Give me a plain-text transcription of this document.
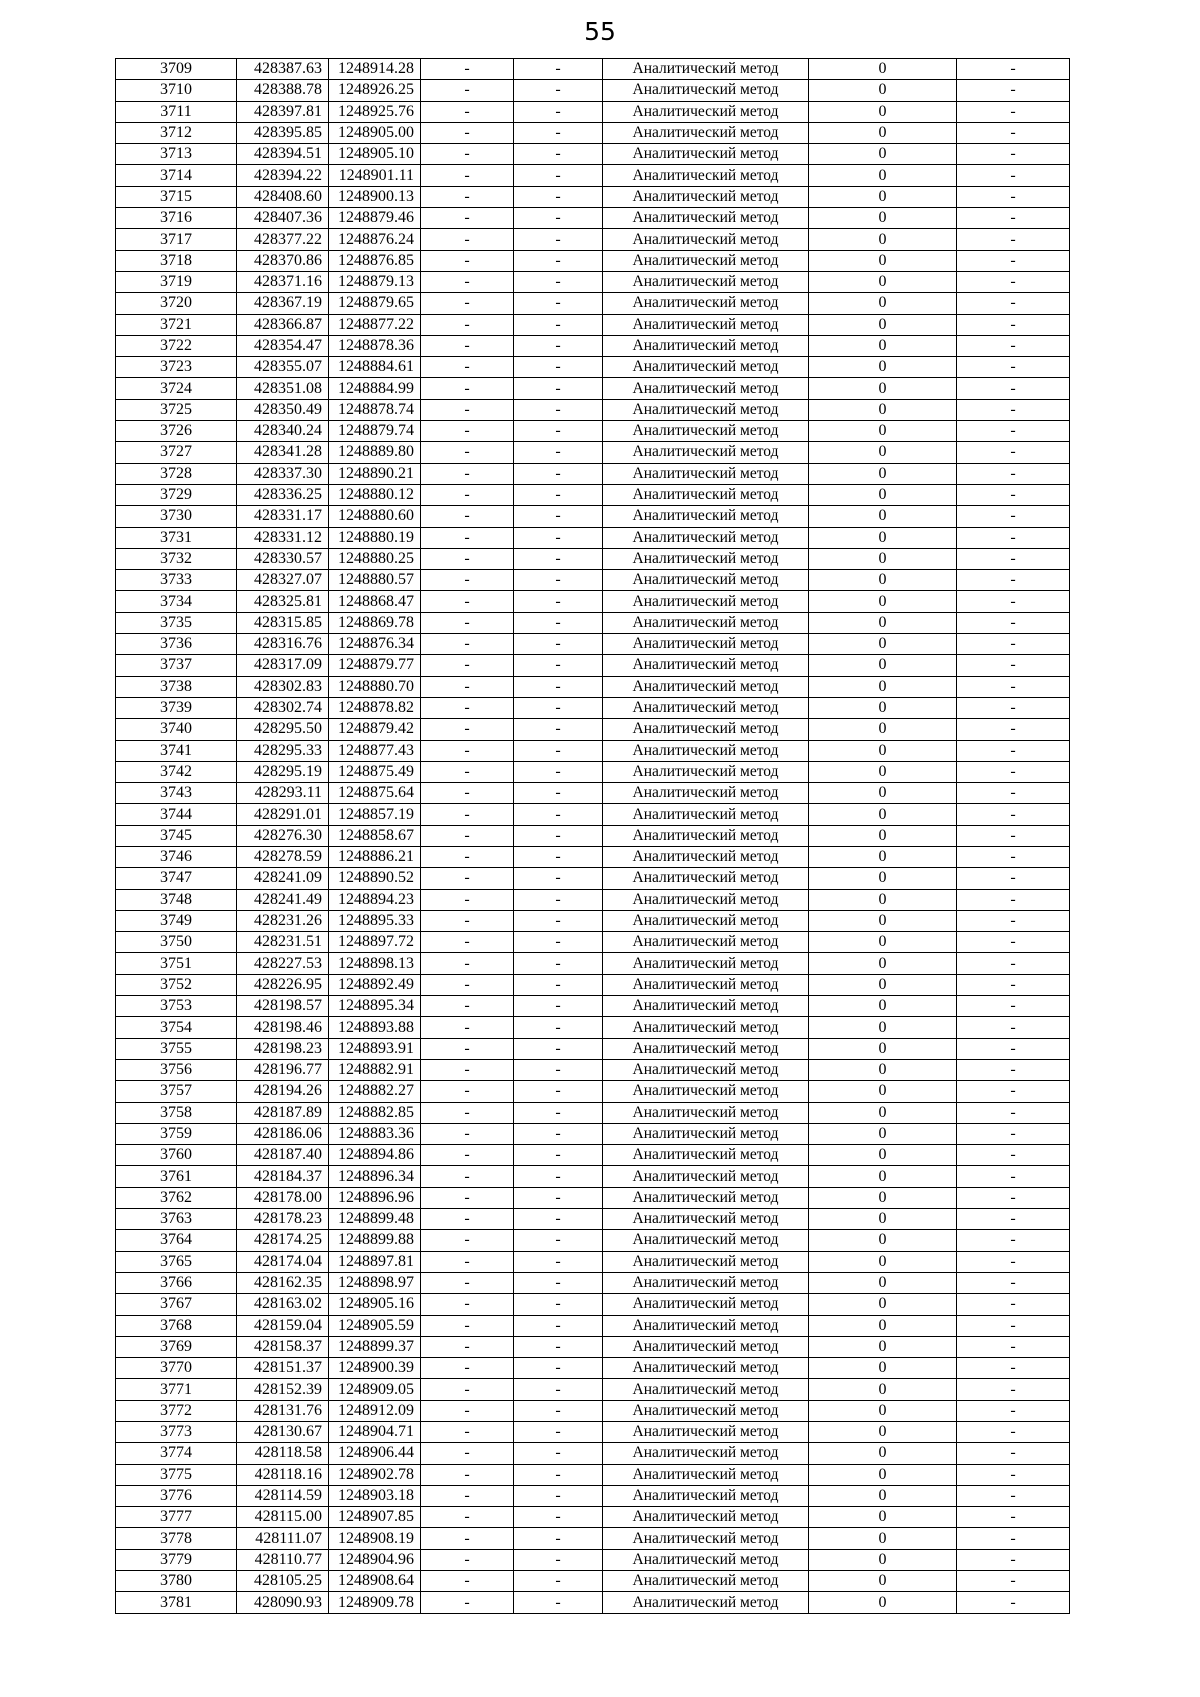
55
3709	428387.63	1248914.28	-	-	Аналитический метод	0	-
3710	428388.78	1248926.25	-	-	Аналитический метод	0	-
3711	428397.81	1248925.76	-	-	Аналитический метод	0	-
3712	428395.85	1248905.00	-	-	Аналитический метод	0	-
3713	428394.51	1248905.10	-	-	Аналитический метод	0	-
3714	428394.22	1248901.11	-	-	Аналитический метод	0	-
3715	428408.60	1248900.13	-	-	Аналитический метод	0	-
3716	428407.36	1248879.46	-	-	Аналитический метод	0	-
3717	428377.22	1248876.24	-	-	Аналитический метод	0	-
3718	428370.86	1248876.85	-	-	Аналитический метод	0	-
3719	428371.16	1248879.13	-	-	Аналитический метод	0	-
3720	428367.19	1248879.65	-	-	Аналитический метод	0	-
3721	428366.87	1248877.22	-	-	Аналитический метод	0	-
3722	428354.47	1248878.36	-	-	Аналитический метод	0	-
3723	428355.07	1248884.61	-	-	Аналитический метод	0	-
3724	428351.08	1248884.99	-	-	Аналитический метод	0	-
3725	428350.49	1248878.74	-	-	Аналитический метод	0	-
3726	428340.24	1248879.74	-	-	Аналитический метод	0	-
3727	428341.28	1248889.80	-	-	Аналитический метод	0	-
3728	428337.30	1248890.21	-	-	Аналитический метод	0	-
3729	428336.25	1248880.12	-	-	Аналитический метод	0	-
3730	428331.17	1248880.60	-	-	Аналитический метод	0	-
3731	428331.12	1248880.19	-	-	Аналитический метод	0	-
3732	428330.57	1248880.25	-	-	Аналитический метод	0	-
3733	428327.07	1248880.57	-	-	Аналитический метод	0	-
3734	428325.81	1248868.47	-	-	Аналитический метод	0	-
3735	428315.85	1248869.78	-	-	Аналитический метод	0	-
3736	428316.76	1248876.34	-	-	Аналитический метод	0	-
3737	428317.09	1248879.77	-	-	Аналитический метод	0	-
3738	428302.83	1248880.70	-	-	Аналитический метод	0	-
3739	428302.74	1248878.82	-	-	Аналитический метод	0	-
3740	428295.50	1248879.42	-	-	Аналитический метод	0	-
3741	428295.33	1248877.43	-	-	Аналитический метод	0	-
3742	428295.19	1248875.49	-	-	Аналитический метод	0	-
3743	428293.11	1248875.64	-	-	Аналитический метод	0	-
3744	428291.01	1248857.19	-	-	Аналитический метод	0	-
3745	428276.30	1248858.67	-	-	Аналитический метод	0	-
3746	428278.59	1248886.21	-	-	Аналитический метод	0	-
3747	428241.09	1248890.52	-	-	Аналитический метод	0	-
3748	428241.49	1248894.23	-	-	Аналитический метод	0	-
3749	428231.26	1248895.33	-	-	Аналитический метод	0	-
3750	428231.51	1248897.72	-	-	Аналитический метод	0	-
3751	428227.53	1248898.13	-	-	Аналитический метод	0	-
3752	428226.95	1248892.49	-	-	Аналитический метод	0	-
3753	428198.57	1248895.34	-	-	Аналитический метод	0	-
3754	428198.46	1248893.88	-	-	Аналитический метод	0	-
3755	428198.23	1248893.91	-	-	Аналитический метод	0	-
3756	428196.77	1248882.91	-	-	Аналитический метод	0	-
3757	428194.26	1248882.27	-	-	Аналитический метод	0	-
3758	428187.89	1248882.85	-	-	Аналитический метод	0	-
3759	428186.06	1248883.36	-	-	Аналитический метод	0	-
3760	428187.40	1248894.86	-	-	Аналитический метод	0	-
3761	428184.37	1248896.34	-	-	Аналитический метод	0	-
3762	428178.00	1248896.96	-	-	Аналитический метод	0	-
3763	428178.23	1248899.48	-	-	Аналитический метод	0	-
3764	428174.25	1248899.88	-	-	Аналитический метод	0	-
3765	428174.04	1248897.81	-	-	Аналитический метод	0	-
3766	428162.35	1248898.97	-	-	Аналитический метод	0	-
3767	428163.02	1248905.16	-	-	Аналитический метод	0	-
3768	428159.04	1248905.59	-	-	Аналитический метод	0	-
3769	428158.37	1248899.37	-	-	Аналитический метод	0	-
3770	428151.37	1248900.39	-	-	Аналитический метод	0	-
3771	428152.39	1248909.05	-	-	Аналитический метод	0	-
3772	428131.76	1248912.09	-	-	Аналитический метод	0	-
3773	428130.67	1248904.71	-	-	Аналитический метод	0	-
3774	428118.58	1248906.44	-	-	Аналитический метод	0	-
3775	428118.16	1248902.78	-	-	Аналитический метод	0	-
3776	428114.59	1248903.18	-	-	Аналитический метод	0	-
3777	428115.00	1248907.85	-	-	Аналитический метод	0	-
3778	428111.07	1248908.19	-	-	Аналитический метод	0	-
3779	428110.77	1248904.96	-	-	Аналитический метод	0	-
3780	428105.25	1248908.64	-	-	Аналитический метод	0	-
3781	428090.93	1248909.78	-	-	Аналитический метод	0	-
